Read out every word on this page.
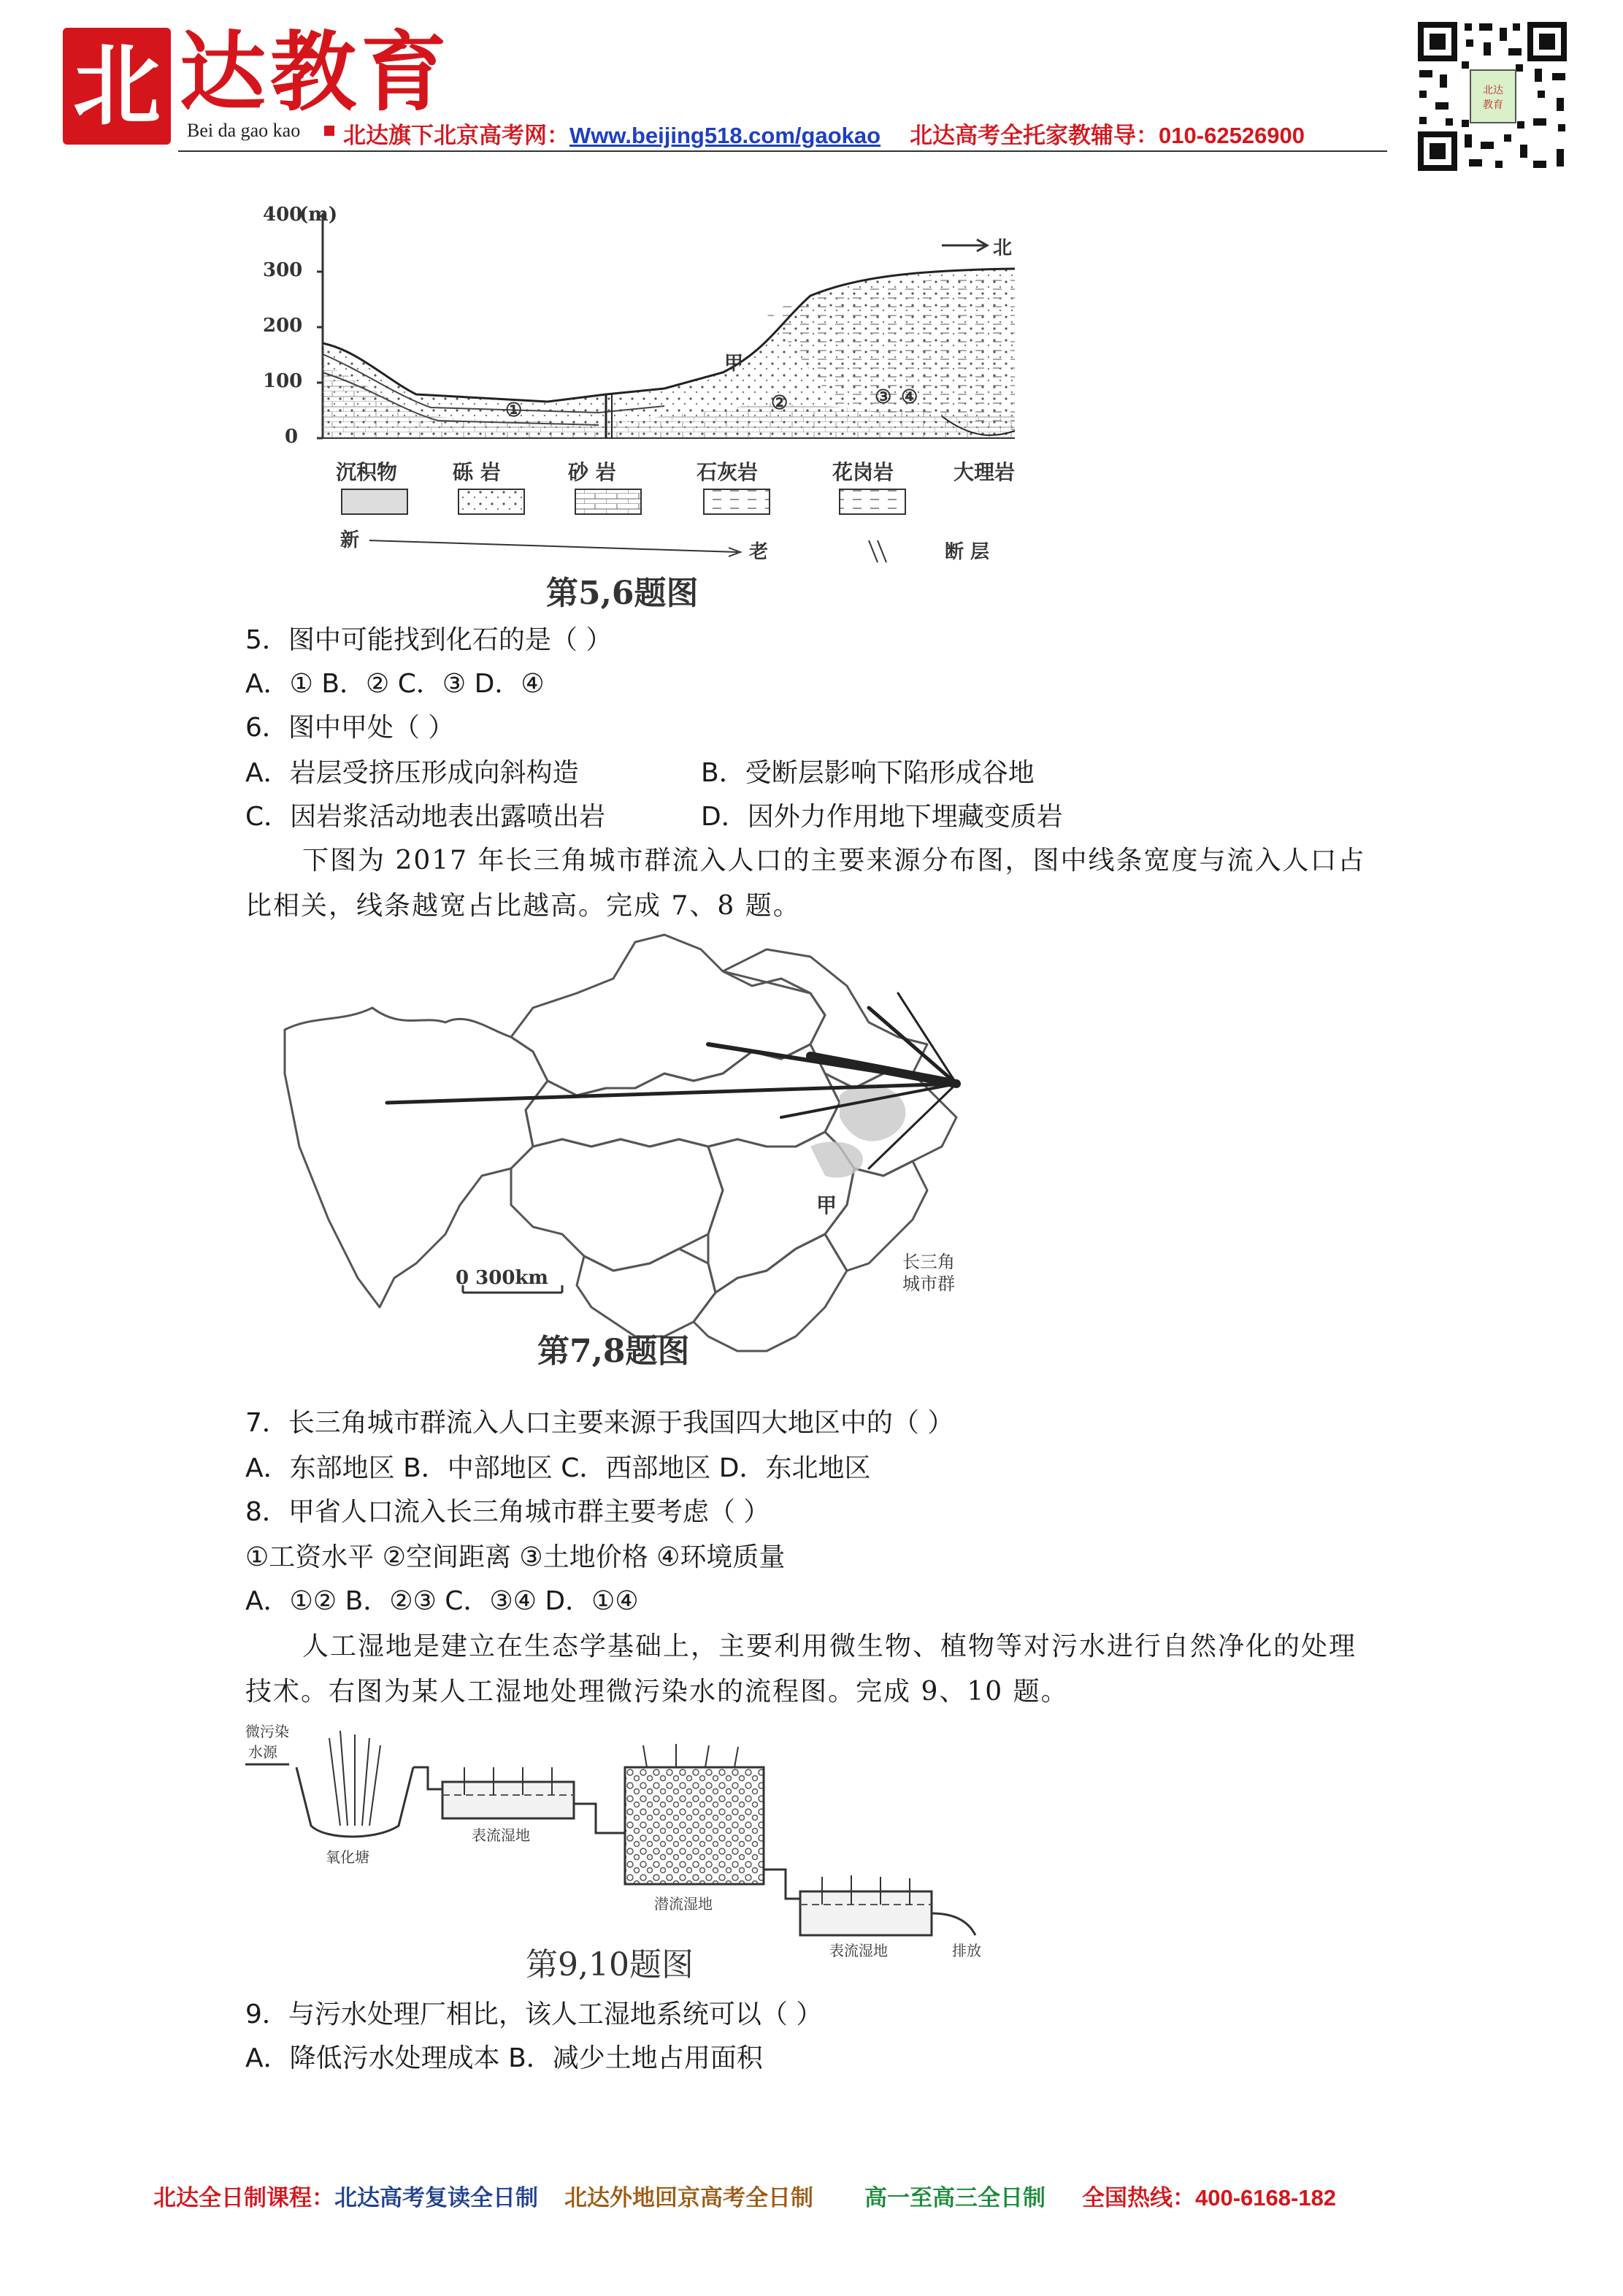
北 达教育
Bei da gao kao 北达旗下北京高考网：Www.beijing518.com/gaokao 北达高考全托家教辅导：010-62526900
北达
教育
400
(m)
300
200
100
0
甲
①	②	③ ④
北
沉积物	砾 岩	砂 岩	石灰岩	花岗岩	大理岩
新
老	断 层
第5,6题图
5．图中可能找到化石的是（ ）
A．① B．② C．③ D．④
6．图中甲处（ ）
A．岩层受挤压形成向斜构造	B．受断层影响下陷形成谷地
C．因岩浆活动地表出露喷出岩	D．因外力作用地下埋藏变质岩
下图为 2017 年长三角城市群流入人口的主要来源分布图，图中线条宽度与流入人口占
比相关，线条越宽占比越高。完成 7、8 题。
0 300km
甲
长三角
城市群
第7,8题图
7．长三角城市群流入人口主要来源于我国四大地区中的（ ）
A．东部地区 B．中部地区 C．西部地区 D．东北地区
8．甲省人口流入长三角城市群主要考虑（ ）
①工资水平 ②空间距离 ③土地价格 ④环境质量
A．①② B．②③ C．③④ D．①④
人工湿地是建立在生态学基础上，主要利用微生物、植物等对污水进行自然净化的处理
技术。右图为某人工湿地处理微污染水的流程图。完成 9、10 题。
微污染
水源
氧化塘
表流湿地
潜流湿地
表流湿地	排放
第9,10题图
9．与污水处理厂相比，该人工湿地系统可以（ ）
A．降低污水处理成本 B．减少土地占用面积
北达全日制课程：北达高考复读全日制 北达外地回京高考全日制 高一至高三全日制 全国热线：400-6168-182
